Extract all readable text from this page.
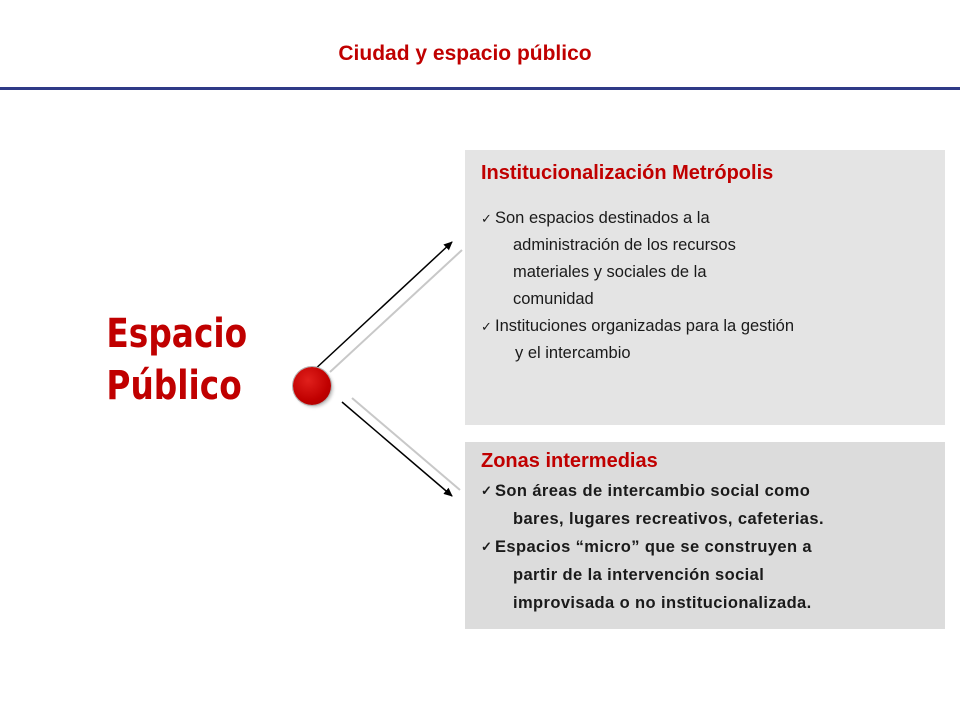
Ciudad y espacio público
Espacio
Público
Institucionalización Metrópolis
✓ Son espacios destinados a la
administración de los recursos
materiales y sociales de la
comunidad
✓ Instituciones organizadas para la gestión
y el intercambio
Zonas intermedias
✓ Son áreas de intercambio social como
bares, lugares recreativos, cafeterias.
✓ Espacios “micro” que se construyen a
partir de la intervención social
improvisada o no institucionalizada.
